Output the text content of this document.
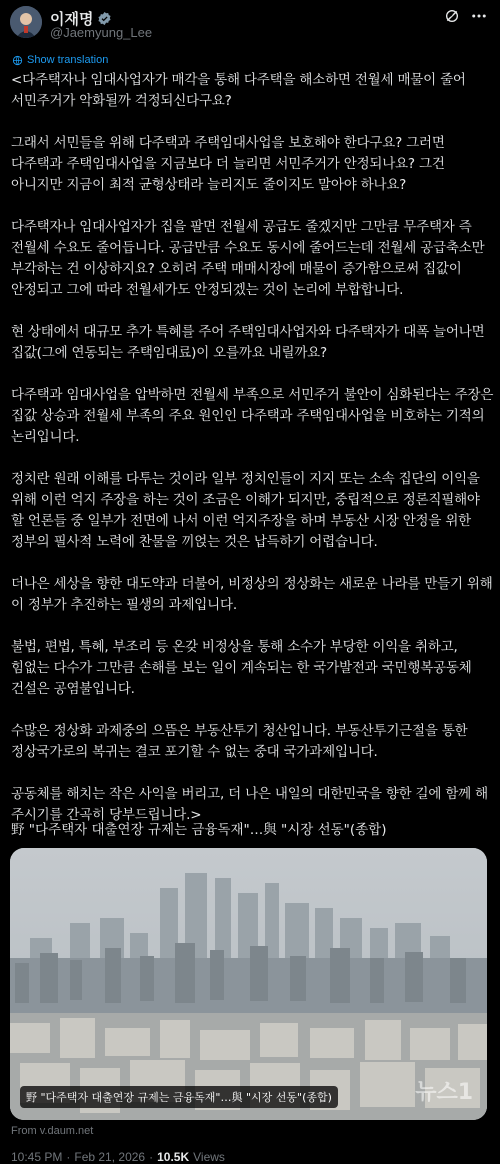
이재명
@Jaemyung_Lee
Show translation
<다주택자나 임대사업자가 매각을 통해 다주택을 해소하면 전월세 매물이 줄어 서민주거가 악화될까 걱정되신다구요?

그래서 서민들을 위해 다주택과 주택임대사업을 보호해야 한다구요? 그러면 다주택과 주택임대사업을 지금보다 더 늘리면 서민주거가 안정되나요? 그건 아니지만 지금이 최적 균형상태라 늘리지도 줄이지도 말아야 하나요?

다주택자나 임대사업자가 집을 팔면 전월세 공급도 줄겠지만 그만큼 무주택자 즉 전월세 수요도 줄어듭니다. 공급만큼 수요도 동시에 줄어드는데 전월세 공급축소만 부각하는 건 이상하지요? 오히려 주택 매매시장에 매물이 증가함으로써 집값이 안정되고 그에 따라 전월세가도 안정되겠는 것이 논리에 부합합니다.

현 상태에서 대규모 추가 특혜를 주어 주택임대사업자와 다주택자가 대폭 늘어나면 집값(그에 연동되는 주택임대료)이 오를까요 내릴까요?

다주택과 임대사업을 압박하면 전월세 부족으로 서민주거 불안이 심화된다는 주장은 집값 상승과 전월세 부족의 주요 원인인 다주택과 주택임대사업을 비호하는 기적의 논리입니다.

정치란 원래 이해를 다투는 것이라 일부 정치인들이 지지 또는 소속 집단의 이익을 위해 이런 억지 주장을 하는 것이 조금은 이해가 되지만, 중립적으로 정론직필해야 할 언론들 중 일부가 전면에 나서 이런 억지주장을 하며 부동산 시장 안정을 위한 정부의 필사적 노력에 찬물을 끼얹는 것은 납득하기 어렵습니다.

더나은 세상을 향한 대도약과 더불어, 비정상의 정상화는 새로운 나라를 만들기 위해 이 정부가 추진하는 필생의 과제입니다.

불법, 편법, 특혜, 부조리 등 온갖 비정상을 통해 소수가 부당한 이익을 취하고, 힘없는 다수가 그만큼 손해를 보는 일이 계속되는 한 국가발전과 국민행복공동체 건설은 공염불입니다.

수많은 정상화 과제중의 으뜸은 부동산투기 청산입니다. 부동산투기근절을 통한 정상국가로의 복귀는 결코 포기할 수 없는 중대 국가과제입니다.

공동체를 해치는 작은 사익을 버리고, 더 나은 내일의 대한민국을 향한 길에 함께 해 주시기를 간곡히 당부드립니다.>
野 "다주택자 대출연장 규제는 금융독재"…與 "시장 선동"(종합)
野 "다주택자 대출연장 규제는 금융독재"…與 "시장 선동"(종합)	뉴스1
From v.daum.net
10:45 PM · Feb 21, 2026 · 10.5K Views
